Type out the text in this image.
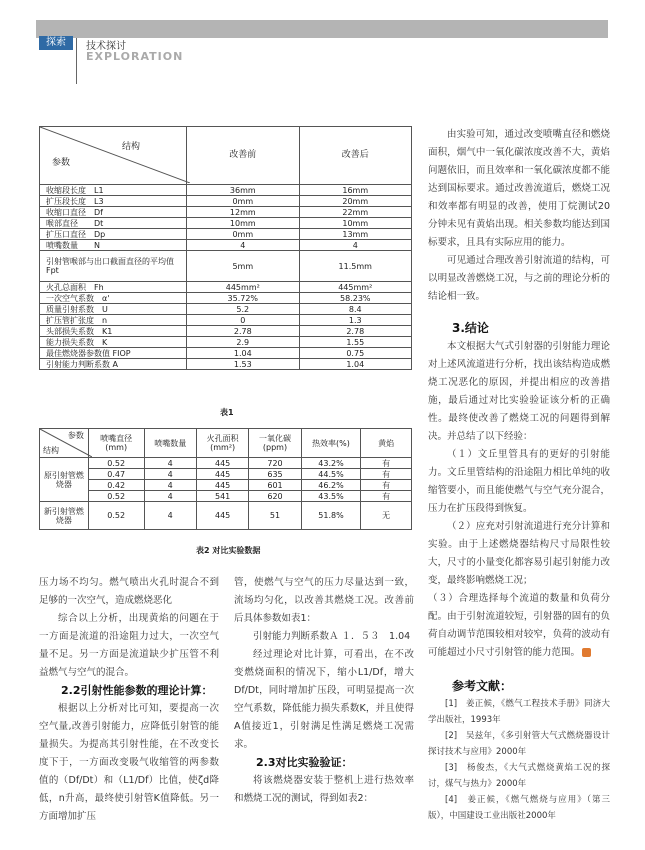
探索	技术探讨
EXPLORATION
结构
参数	改善前	改善后
收缩段长度　L1	36mm	16mm
扩压段长度　L3	0mm	20mm
收缩口直径　Df	12mm	22mm
喉部直径　　Dt	10mm	10mm
扩压口直径　Dp	0mm	13mm
喷嘴数量　　N	4	4
引射管喉部与出口截面直径的平均值　Fpt	5mm	11.5mm
火孔总面积　Fh	445mm²	445mm²
一次空气系数　α'	35.72%	58.23%
质量引射系数　U	5.2	8.4
扩压管扩张度　n	0	1.3
头部损失系数　K1	2.78	2.78
能力损失系数　K	2.9	1.55
最佳燃烧器参数值 FIOP	1.04	0.75
引射能力判断系数 A	1.53	1.04
表1
参数
结构	喷嘴直径(mm)	喷嘴数量	火孔面积(mm²)	一氧化碳(ppm)	热效率(%)	黄焰
原引射管燃烧器	0.52	4	445	720	43.2%	有
	0.47	4	445	635	44.5%	有
	0.42	4	445	601	46.2%	有
	0.52	4	541	620	43.5%	有
新引射管燃烧器	0.52	4	445	51	51.8%	无
表2 对比实验数据

压力场不均匀。燃气喷出火孔时混合不到足够的一次空气，造成燃烧恶化

综合以上分析，出现黄焰的问题在于一方面是流道的沿途阻力过大，一次空气量不足。另一方面是流道缺少扩压管不利益燃气与空气的混合。

2.2引射性能参数的理论计算：

根据以上分析对比可知，要提高一次空气量,改善引射能力，应降低引射管的能量损失。为提高其引射性能，在不改变长度下于，一方面改变吸气收缩管的两参数值的（Df/Dt）和（L1/Df）比值，使ζd降低，n升高，最终使引射管K值降低。另一方面增加扩压

管，使燃气与空气的压力尽量达到一致，流场均匀化，以改善其燃烧工况。改善前后具体参数如表1：

引射能力判断系数Ａ １．５３　1.04

经过理论对比计算，可看出，在不改变燃烧面积的情况下，缩小L1/Df，增大Df/Dt，同时增加扩压段，可明显提高一次空气系数，降低能力损失系数K，并且使得A值接近1，引射满足性满足燃烧工况需求。

2.3对比实验验证：

将该燃烧器安装于整机上进行热效率和燃烧工况的测试，得到如表2：

由实验可知，通过改变喷嘴直径和燃烧面积，烟气中一氧化碳浓度改善不大，黄焰问题依旧，而且效率和一氧化碳浓度都不能达到国标要求。通过改善流道后，燃烧工况和效率都有明显的改善，使用丁烷测试20分钟未见有黄焰出现。相关参数均能达到国标要求，且具有实际应用的能力。

可见通过合理改善引射流道的结构，可以明显改善燃烧工况，与之前的理论分析的结论相一致。

3.结论

本文根据大气式引射器的引射能力理论对上述风流道进行分析，找出该结构造成燃烧工况恶化的原因，并提出相应的改善措施，最后通过对比实验验证该分析的正确性。最终使改善了燃烧工况的问题得到解决。并总结了以下经验：

（１）文丘里管具有的更好的引射能力。文丘里管结构的沿途阻力相比单纯的收缩管要小，而且能使燃气与空气充分混合，压力在扩压段得到恢复。

（２）应充对引射流道进行充分计算和实验。由于上述燃烧器结构尺寸局限性较大，尺寸的小量变化都容易引起引射能力改变，最终影响燃烧工况；

（３）合理选择每个流道的数量和负荷分配。由于引射流道较短，引射器的固有的负荷自动调节范围较相对较窄，负荷的波动有可能超过小尺寸引射管的能力范围。

参考文献：

[1]　姜正候，《燃气工程技术手册》同济大学出版社，1993年

[2]　吴兹年，《多引射管大气式燃烧器设计探讨技术与应用》2000年

[3]　杨俊杰，《大气式燃烧黄焰工况的探讨，煤气与热力》2000年

[4]　姜正候，《燃气燃烧与应用》（第三版），中国建设工业出版社2000年
